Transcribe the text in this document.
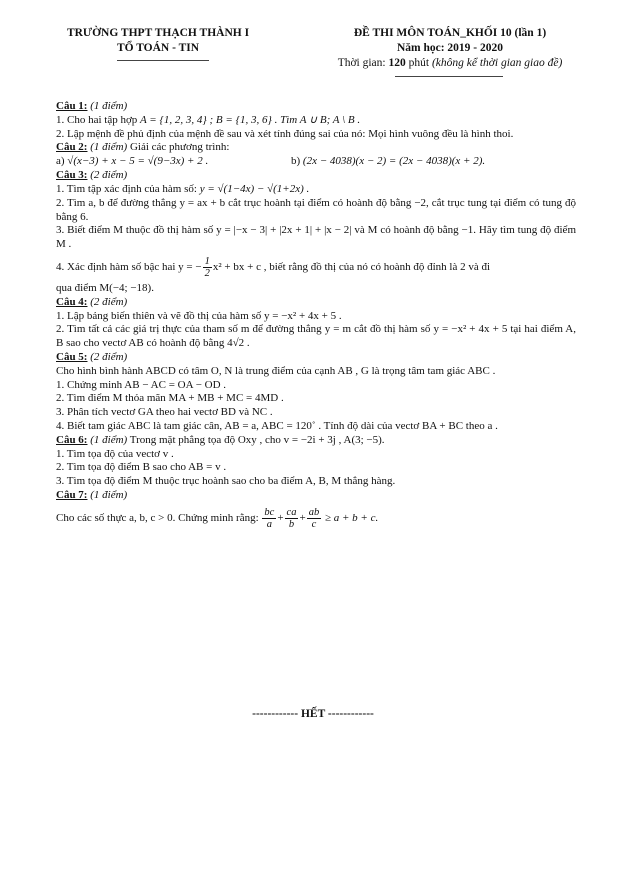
TRƯỜNG THPT THẠCH THÀNH I
TỔ TOÁN - TIN
ĐỀ THI MÔN TOÁN_KHỐI 10 (lần 1)
Năm học: 2019 - 2020
Thời gian: 120 phút (không kể thời gian giao đề)
Câu 1: (1 điểm)
1. Cho hai tập hợp A = {1, 2, 3, 4} ; B = {1, 3, 6} . Tìm A ∪ B; A \ B .
2. Lập mệnh đề phủ định của mệnh đề sau và xét tính đúng sai của nó: Mọi hình vuông đều là hình thoi.
Câu 2: (1 điểm) Giải các phương trình:
a) √(x−3) + x − 5 = √(9−3x) + 2 .	b) (2x − 4038)(x − 2) = (2x − 4038)(x + 2).
Câu 3: (2 điểm)
1. Tìm tập xác định của hàm số: y = √(1−4x) − √(1+2x) .
2. Tìm a, b để đường thẳng y = ax + b cắt trục hoành tại điểm có hoành độ bằng −2, cắt trục tung tại điểm có tung độ bằng 6.
3. Biết điểm M thuộc đồ thị hàm số y = |−x − 3| + |2x + 1| + |x − 2| và M có hoành độ bằng −1. Hãy tìm tung độ điểm M .
4. Xác định hàm số bậc hai y = − $\frac{1}{2} x^2$ + bx + c , biết rằng đồ thị của nó có hoành độ đỉnh là 2 và đi
qua điểm M(−4; −18).
Câu 4: (2 điểm)
1. Lập bảng biến thiên và vẽ đồ thị của hàm số y = −x² + 4x + 5 .
2. Tìm tất cả các giá trị thực của tham số m để đường thẳng y = m cắt đồ thị hàm số y = −x² + 4x + 5 tại hai điểm A, B sao cho vectơ AB có hoành độ bằng 4√2 .
Câu 5: (2 điểm)
Cho hình bình hành ABCD có tâm O, N là trung điểm của cạnh AB , G là trọng tâm tam giác ABC .
1. Chứng minh AB − AC = OA − OD .
2. Tìm điểm M thỏa mãn MA + MB + MC = 4MD .
3. Phân tích vectơ GA theo hai vectơ BD và NC .
4. Biết tam giác ABC là tam giác cân, AB = a, ABC = 120˚ . Tính độ dài của vectơ BA + BC theo a .
Câu 6: (1 điểm) Trong mặt phẳng tọa độ Oxy , cho v = −2i + 3j , A(3; −5).
1. Tìm tọa độ của vectơ v .
2. Tìm tọa độ điểm B sao cho AB = v .
3. Tìm tọa độ điểm M thuộc trục hoành sao cho ba điểm A, B, M thẳng hàng.
Câu 7: (1 điểm)
Cho các số thực a, b, c > 0. Chứng minh rằng: $\frac{bc}{a} + \frac{ca}{b} + \frac{ab}{c} \ge a + b + c$.
------------ HẾT ------------
